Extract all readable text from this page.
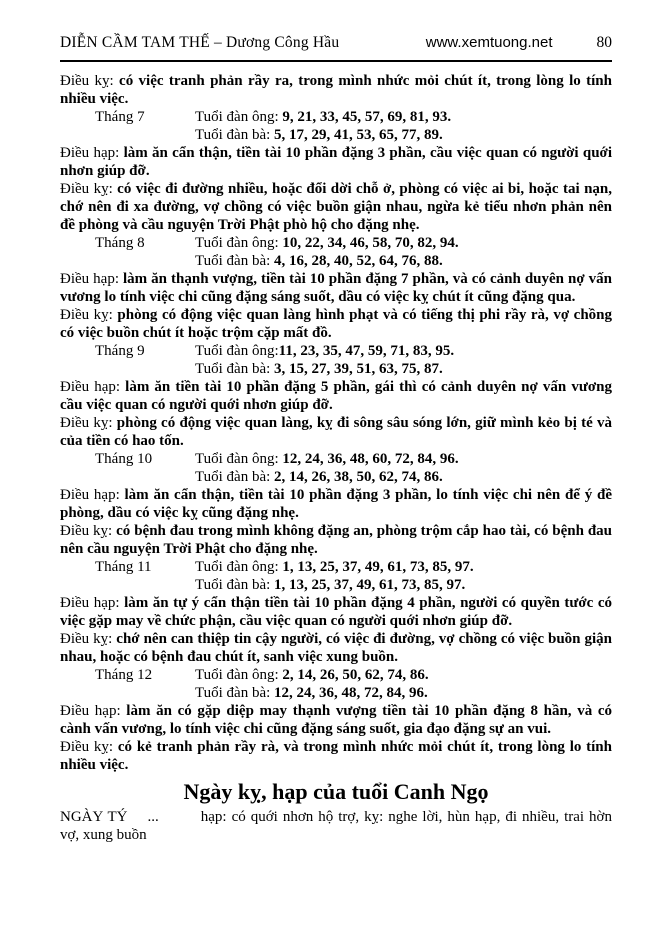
DIỄN CẦM TAM THẾ – Dương Công Hầu	www.xemtuong.net	80

Điều kỵ: có việc tranh phản rầy ra, trong mình nhức mỏi chút ít, trong lòng lo tính nhiều việc.

Tháng 7	Tuổi đàn ông: 9, 21, 33, 45, 57, 69, 81, 93.
Tuổi đàn bà: 5, 17, 29, 41, 53, 65, 77, 89.

Điều hạp: làm ăn cẩn thận, tiền tài 10 phần đặng 3 phần, cầu việc quan có người quới nhơn giúp đỡ.

Điều kỵ: có việc đi đường nhiều, hoặc đổi dời chỗ ở, phòng có việc ai bi, hoặc tai nạn, chớ nên đi xa đường, vợ chồng có việc buồn giận nhau, ngừa kẻ tiểu nhơn phản nên đề phòng và cầu nguyện Trời Phật phò hộ cho đặng nhẹ.

Tháng 8	Tuổi đàn ông: 10, 22, 34, 46, 58, 70, 82, 94.
Tuổi đàn bà: 4, 16, 28, 40, 52, 64, 76, 88.

Điều hạp: làm ăn thạnh vượng, tiền tài 10 phần đặng 7 phần, và có cảnh duyên nợ vấn vương lo tính việc chi cũng đặng sáng suốt, dầu có việc kỵ chút ít cũng đặng qua.

Điều kỵ: phòng có động việc quan làng hình phạt và có tiếng thị phi rầy rà, vợ chồng có việc buồn chút ít hoặc trộm cặp mất đồ.

Tháng 9	Tuổi đàn ông:11, 23, 35, 47, 59, 71, 83, 95.
Tuổi đàn bà: 3, 15, 27, 39, 51, 63, 75, 87.

Điều hạp: làm ăn tiền tài 10 phần đặng 5 phần, gái thì có cảnh duyên nợ vấn vương cầu việc quan có người quới nhơn giúp đỡ.

Điều kỵ: phòng có động việc quan làng, kỵ đi sông sâu sóng lớn, giữ mình kẻo bị té và của tiền có hao tốn.

Tháng 10	Tuổi đàn ông: 12, 24, 36, 48, 60, 72, 84, 96.
Tuổi đàn bà: 2, 14, 26, 38, 50, 62, 74, 86.

Điều hạp: làm ăn cẩn thận, tiền tài 10 phần đặng 3 phần, lo tính việc chi nên để ý đề phòng, dầu có việc kỵ cũng đặng nhẹ.

Điều kỵ: có bệnh đau trong mình không đặng an, phòng trộm cắp hao tài, có bệnh đau nên cầu nguyện Trời Phật cho đặng nhẹ.

Tháng 11	Tuổi đàn ông: 1, 13, 25, 37, 49, 61, 73, 85, 97.
Tuổi đàn bà: 1, 13, 25, 37, 49, 61, 73, 85, 97.

Điều hạp: làm ăn tự ý cẩn thận tiền tài 10 phần đặng 4 phần, người có quyền tước có việc gặp may về chức phận, cầu việc quan có người quới nhơn giúp đỡ.

Điều kỵ: chớ nên can thiệp tin cậy người, có việc đi đường, vợ chồng có việc buồn giận nhau, hoặc có bệnh đau chút ít, sanh việc xung buồn.

Tháng 12	Tuổi đàn ông: 2, 14, 26, 50, 62, 74, 86.
Tuổi đàn bà: 12, 24, 36, 48, 72, 84, 96.

Điều hạp: làm ăn có gặp diệp may thạnh vượng tiền tài 10 phần đặng 8 hần, và có cành vấn vương, lo tính việc chi cũng đặng sáng suốt, gia đạo đặng sự an vui.

Điều kỵ: có kẻ tranh phản rầy rà, và trong mình nhức mỏi chút ít, trong lòng lo tính nhiều việc.

Ngày kỵ, hạp của tuổi Canh Ngọ

NGÀY TÝ ...	hạp: có quới nhơn hộ trợ, kỵ: nghe lời, hùn hạp, đi nhiều, trai hờn vợ, xung buồn
